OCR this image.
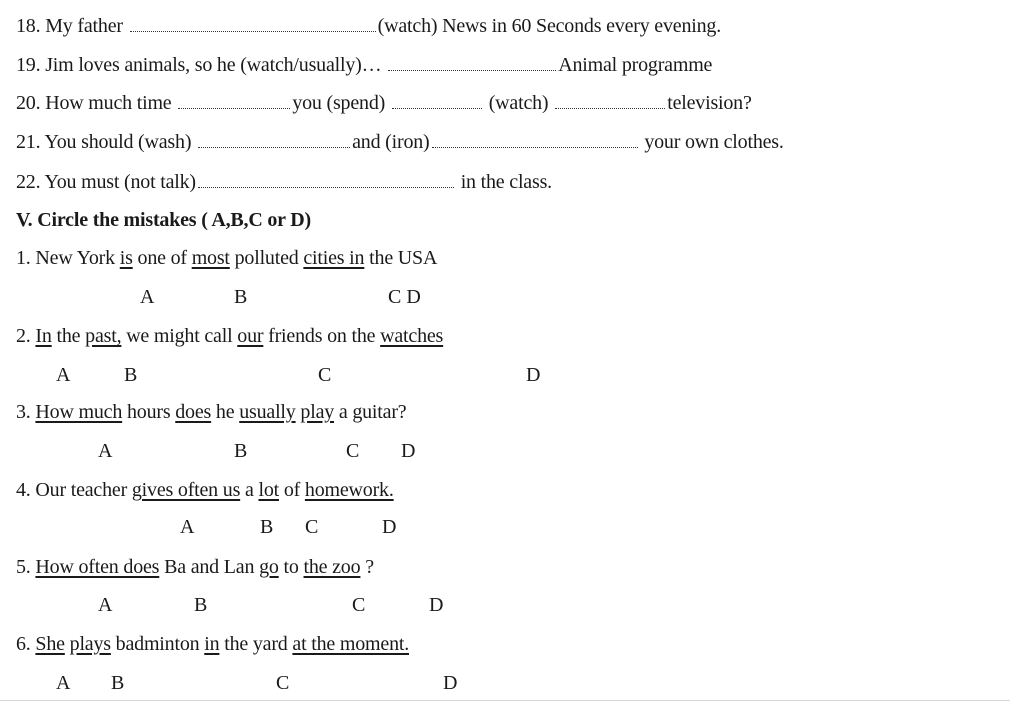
18. My father	(watch) News in 60 Seconds every evening.
19. Jim loves animals, so he (watch/usually)…	Animal programme
20. How much time	you (spend)	(watch)	television?
21. You should (wash)	and (iron)	your own clothes.
22. You must (not talk)	in the class.
V. Circle the mistakes ( A,B,C or D)
1. New York is one of most polluted cities in the USA
A	B	C D
2. In the past, we might call our friends on the watches
A	B	C	D
3. How much hours does he usually play a guitar?
A	B	C D
4. Our teacher gives often us a lot of homework.
A	B C	D
5. How often does Ba and Lan go to the zoo ?
A	B	C	D
6. She plays badminton in the yard at the moment.
A B	C	D
